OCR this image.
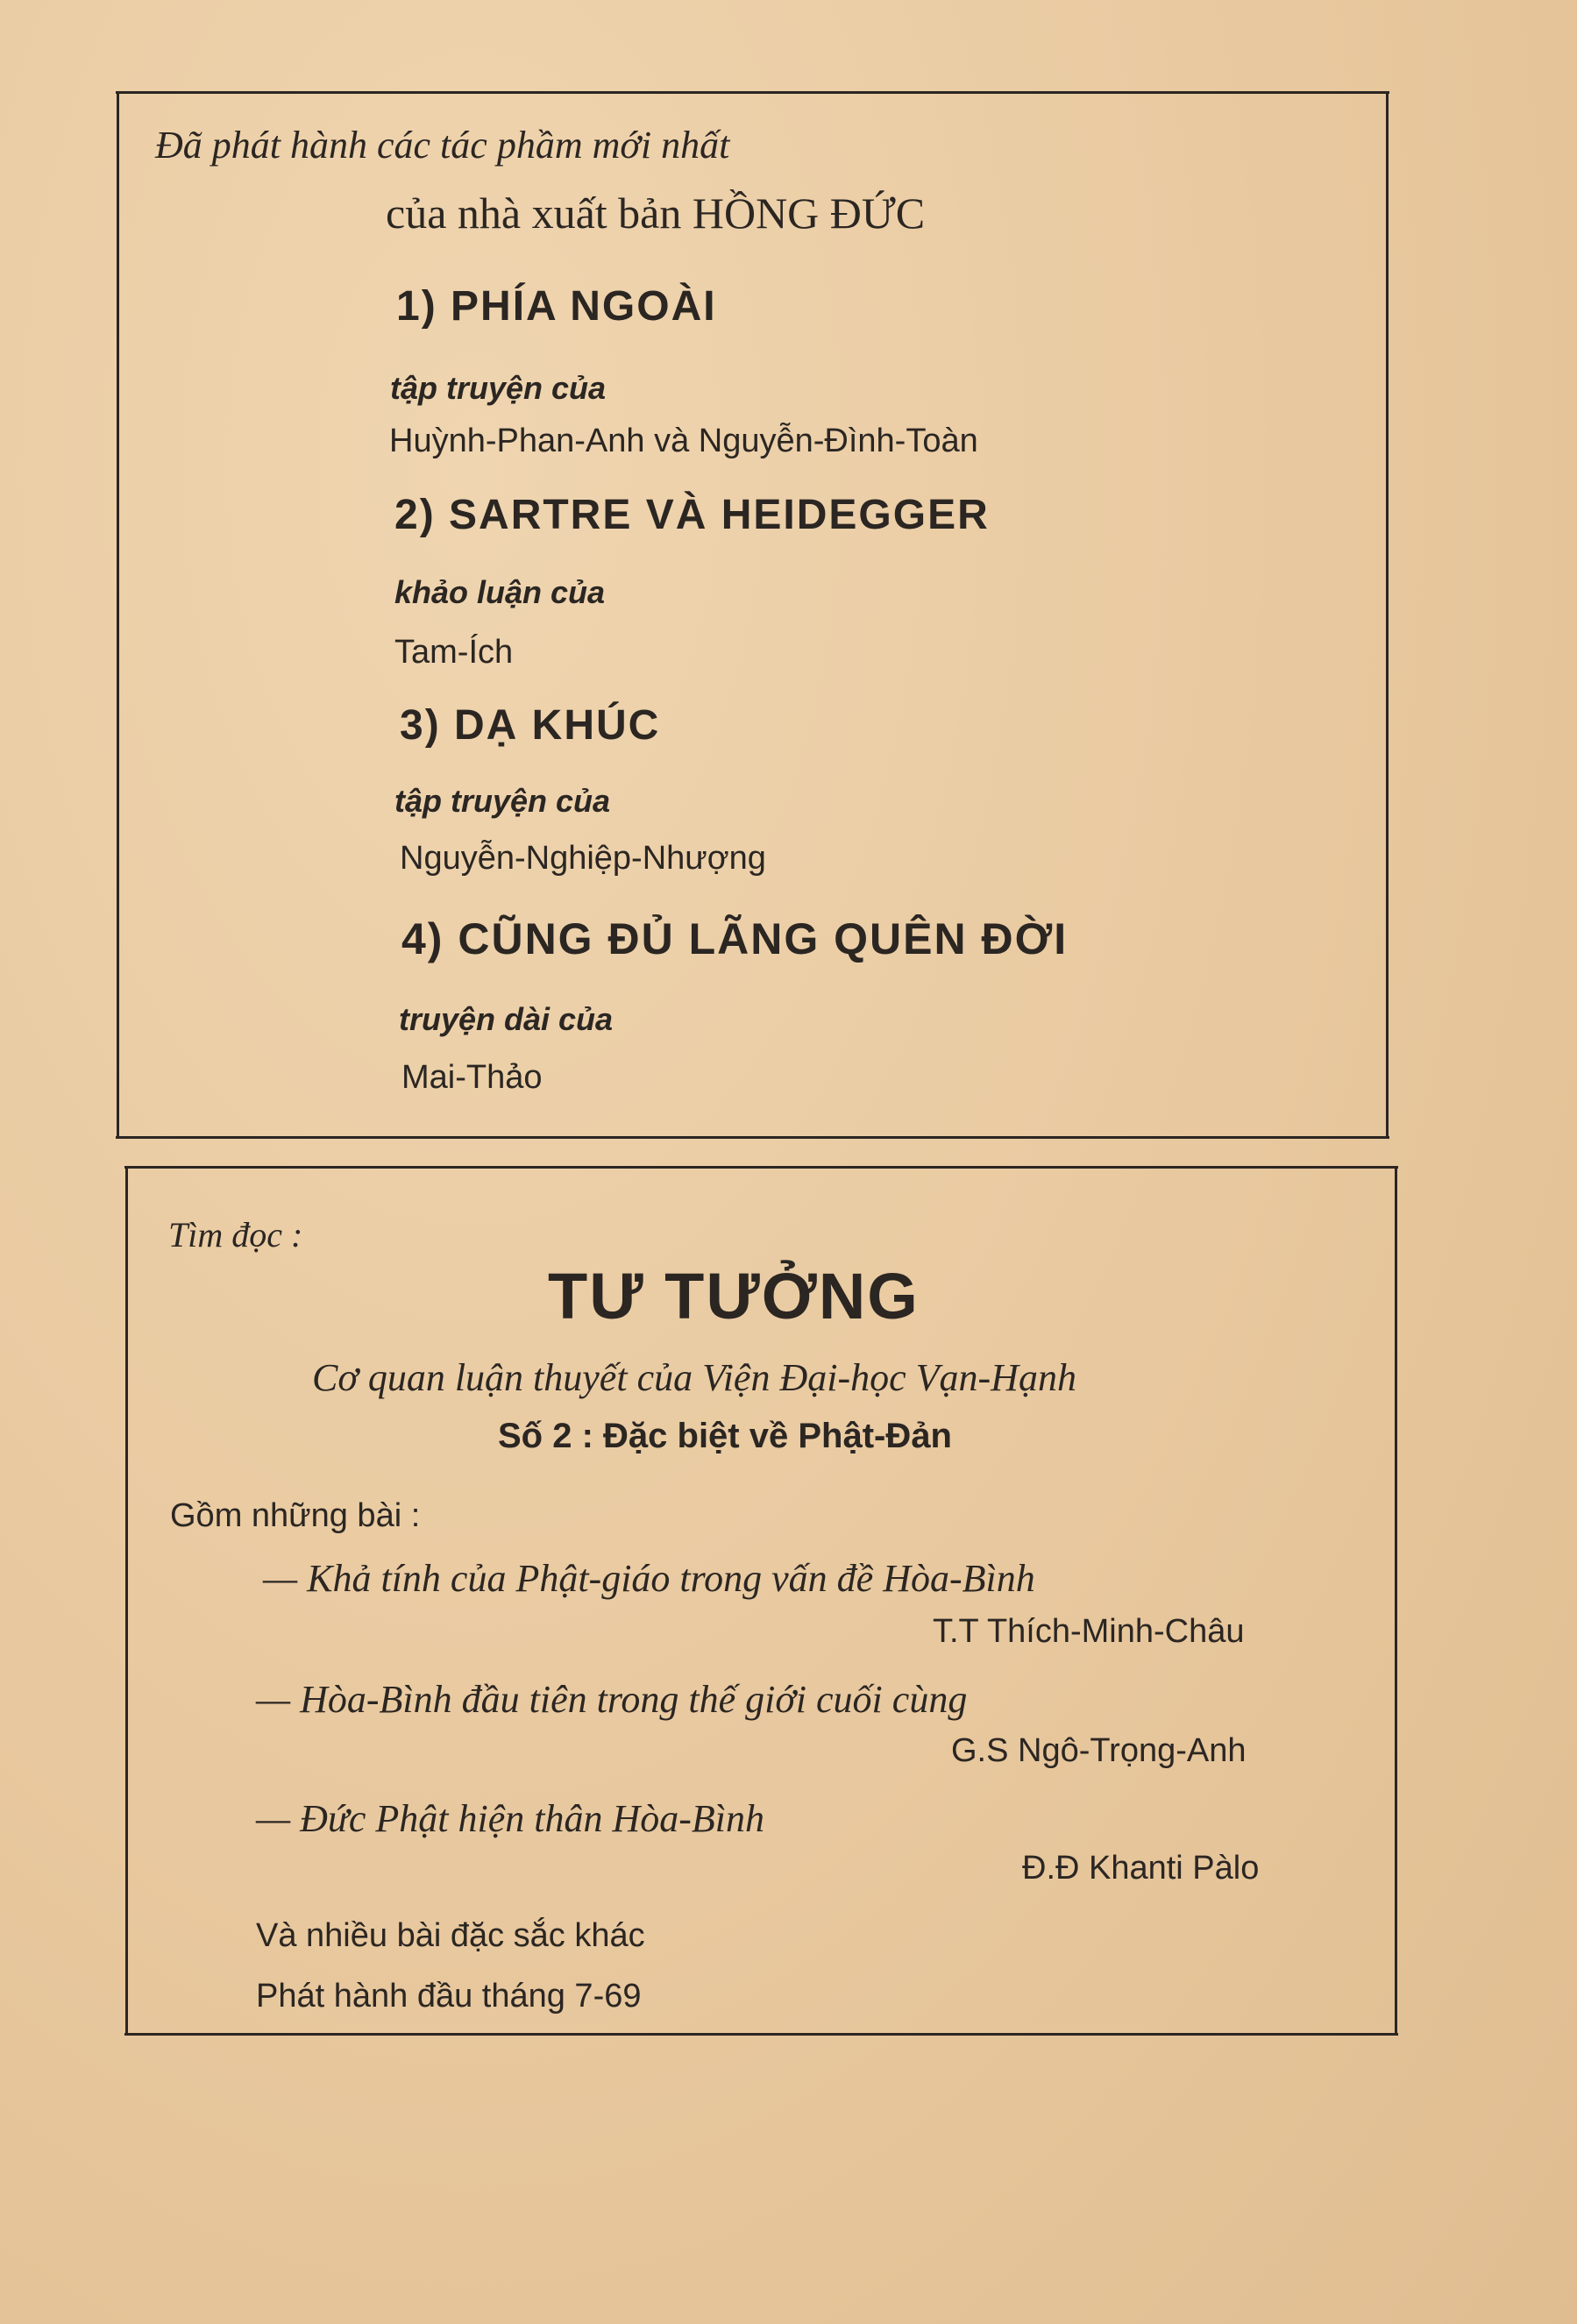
Đã phát hành các tác phầm mới nhất
của nhà xuất bản HỒNG ĐỨC
1) PHÍA NGOÀI
tập truyện của
Huỳnh-Phan-Anh và Nguyễn-Đình-Toàn
2) SARTRE VÀ HEIDEGGER
khảo luận của
Tam-Ích
3) DẠ KHÚC
tập truyện của
Nguyễn-Nghiệp-Nhượng
4) CŨNG ĐỦ LÃNG QUÊN ĐỜI
truyện dài của
Mai-Thảo
Tìm đọc :
TƯ TƯỞNG
Cơ quan luận thuyết của Viện Đại-học Vạn-Hạnh
Số 2 : Đặc biệt về Phật-Đản
Gồm những bài :
— Khả tính của Phật-giáo trong vấn đề Hòa-Bình
T.T Thích-Minh-Châu
— Hòa-Bình đầu tiên trong thế giới cuối cùng
G.S Ngô-Trọng-Anh
— Đức Phật hiện thân Hòa-Bình
Đ.Đ Khanti Pàlo
Và nhiều bài đặc sắc khác
Phát hành đầu tháng 7-69
